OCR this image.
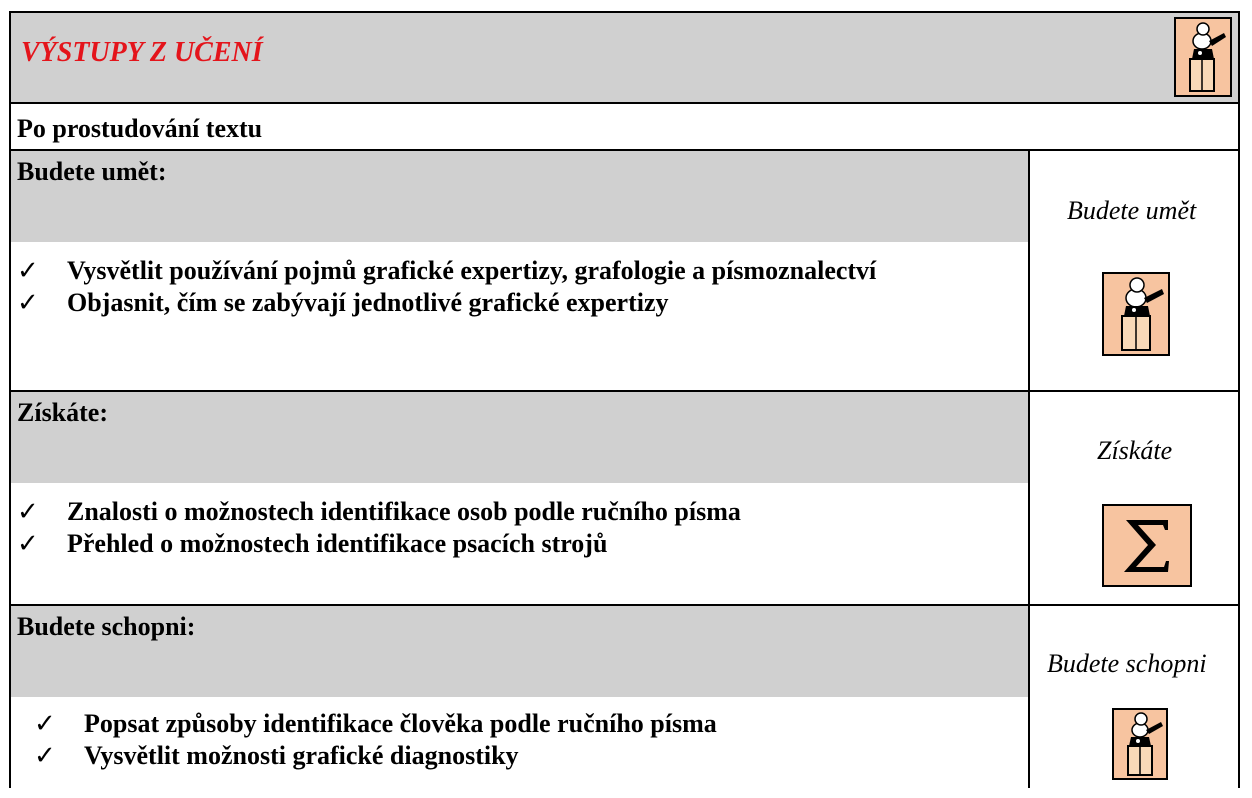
VÝSTUPY Z UČENÍ
Po prostudování textu
Budete umět:
Budete umět
✓ Vysvětlit používání pojmů grafické expertizy, grafologie a písmoznalectví
✓ Objasnit, čím se zabývají jednotlivé grafické expertizy
Získáte:
Získáte
✓ Znalosti o možnostech identifikace osob podle ručního písma
✓ Přehled o možnostech identifikace psacích strojů
Budete schopni:
Budete schopni
✓ Popsat způsoby identifikace člověka podle ručního písma
✓ Vysvětlit možnosti grafické diagnostiky
